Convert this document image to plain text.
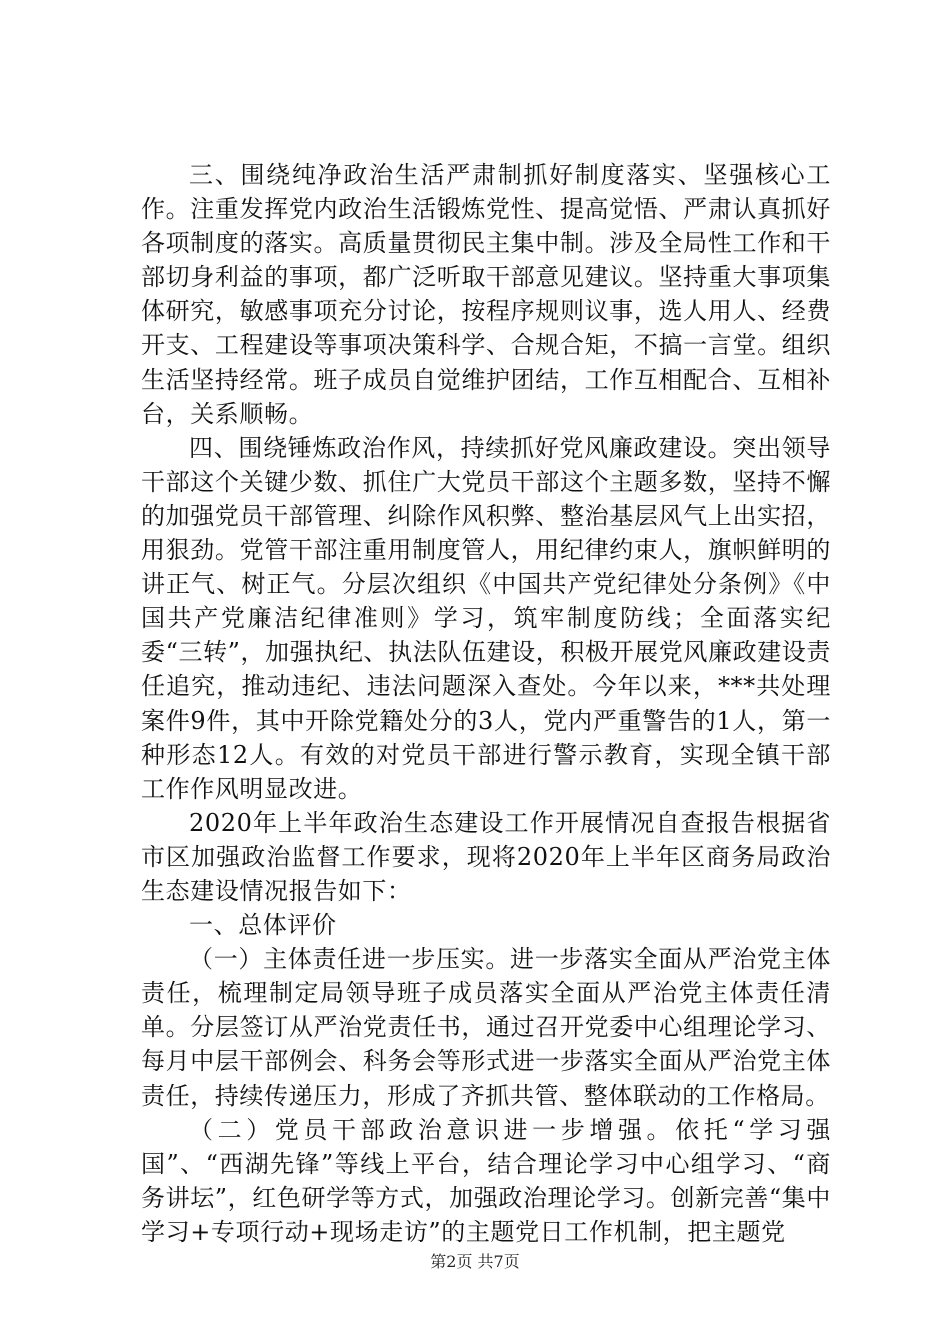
三、围绕纯净政治生活严肃制抓好制度落实、坚强核心工作。注重发挥党内政治生活锻炼党性、提高觉悟、严肃认真抓好各项制度的落实。高质量贯彻民主集中制。涉及全局性工作和干部切身利益的事项，都广泛听取干部意见建议。坚持重大事项集体研究，敏感事项充分讨论，按程序规则议事，选人用人、经费开支、工程建设等事项决策科学、合规合矩，不搞一言堂。组织生活坚持经常。班子成员自觉维护团结，工作互相配合、互相补台，关系顺畅。

四、围绕锤炼政治作风，持续抓好党风廉政建设。突出领导干部这个关键少数、抓住广大党员干部这个主题多数，坚持不懈的加强党员干部管理、纠除作风积弊、整治基层风气上出实招，用狠劲。党管干部注重用制度管人，用纪律约束人，旗帜鲜明的讲正气、树正气。分层次组织《中国共产党纪律处分条例》《中国共产党廉洁纪律准则》学习，筑牢制度防线；全面落实纪委“三转”，加强执纪、执法队伍建设，积极开展党风廉政建设责任追究，推动违纪、违法问题深入查处。今年以来，***共处理案件9件，其中开除党籍处分的3人，党内严重警告的1人，第一种形态12人。有效的对党员干部进行警示教育，实现全镇干部工作作风明显改进。

2020年上半年政治生态建设工作开展情况自查报告根据省市区加强政治监督工作要求，现将2020年上半年区商务局政治生态建设情况报告如下：

一、总体评价

（一）主体责任进一步压实。进一步落实全面从严治党主体责任，梳理制定局领导班子成员落实全面从严治党主体责任清单。分层签订从严治党责任书，通过召开党委中心组理论学习、每月中层干部例会、科务会等形式进一步落实全面从严治党主体责任，持续传递压力，形成了齐抓共管、整体联动的工作格局。

（二）党员干部政治意识进一步增强。依托“学习强国”、“西湖先锋”等线上平台，结合理论学习中心组学习、“商务讲坛”，红色研学等方式，加强政治理论学习。创新完善“集中学习+专项行动+现场走访”的主题党日工作机制，把主题党

第2页 共7页
